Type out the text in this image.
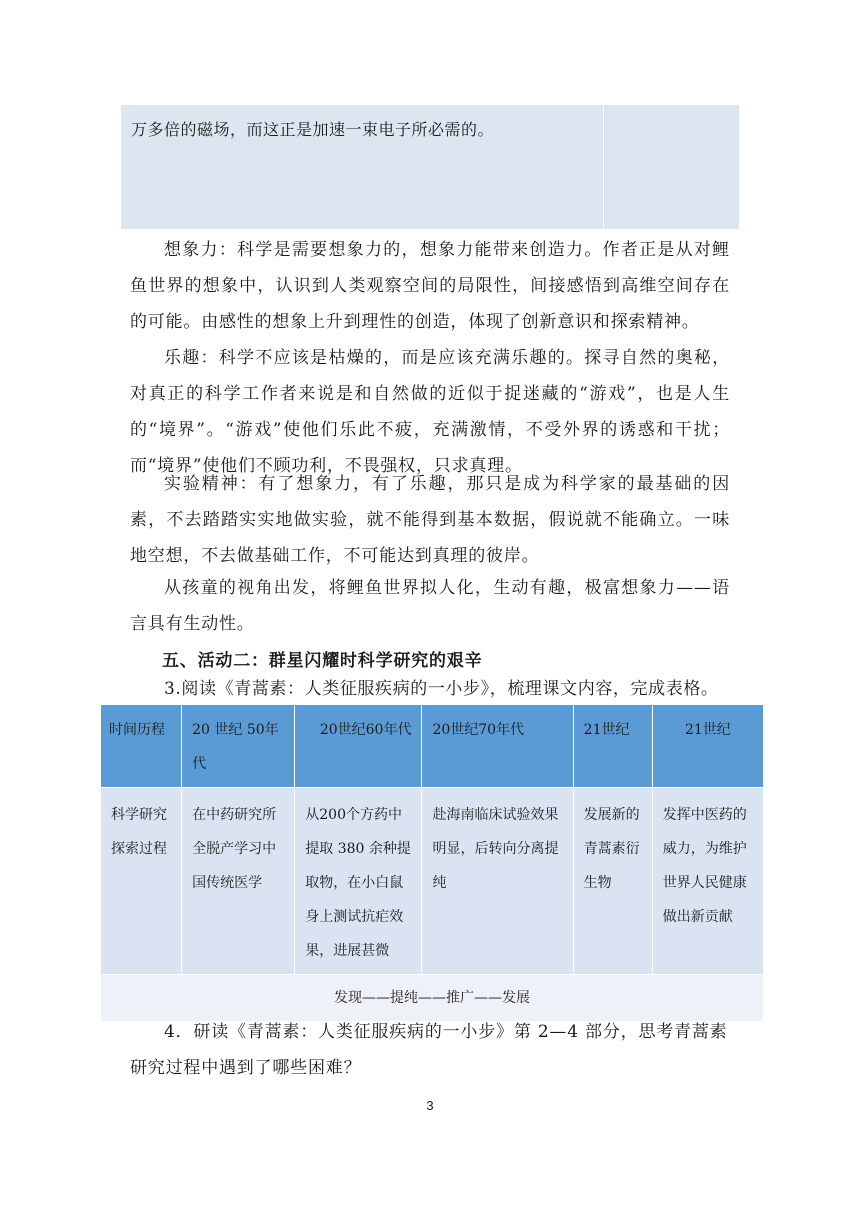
万多倍的磁场，而这正是加速一束电子所必需的。	

想象力：科学是需要想象力的，想象力能带来创造力。作者正是从对鲤鱼世界的想象中，认识到人类观察空间的局限性，间接感悟到高维空间存在的可能。由感性的想象上升到理性的创造，体现了创新意识和探索精神。

乐趣：科学不应该是枯燥的，而是应该充满乐趣的。探寻自然的奥秘，对真正的科学工作者来说是和自然做的近似于捉迷藏的“游戏”，也是人生的“境界”。“游戏”使他们乐此不疲，充满激情，不受外界的诱惑和干扰；而“境界”使他们不顾功利，不畏强权，只求真理。

实验精神：有了想象力，有了乐趣，那只是成为科学家的最基础的因素，不去踏踏实实地做实验，就不能得到基本数据，假说就不能确立。一味地空想，不去做基础工作，不可能达到真理的彼岸。

从孩童的视角出发，将鲤鱼世界拟人化，生动有趣，极富想象力——语言具有生动性。

五、活动二：群星闪耀时科学研究的艰辛

3.阅读《青蒿素：人类征服疾病的一小步》，梳理课文内容，完成表格。

时间历程	20 世纪 50年代	20世纪60年代	20世纪70年代	21世纪	21世纪
科学研究探索过程	在中药研究所全脱产学习中国传统医学	从200个方药中提取 380 余种提取物，在小白鼠身上测试抗疟效果，进展甚微	赴海南临床试验效果明显，后转向分离提纯	发展新的青蒿素衍生物	发挥中医药的威力，为维护世界人民健康做出新贡献
发现——提纯——推广——发展					

4．研读《青蒿素：人类征服疾病的一小步》第 2—4 部分，思考青蒿素研究过程中遇到了哪些困难？

3
